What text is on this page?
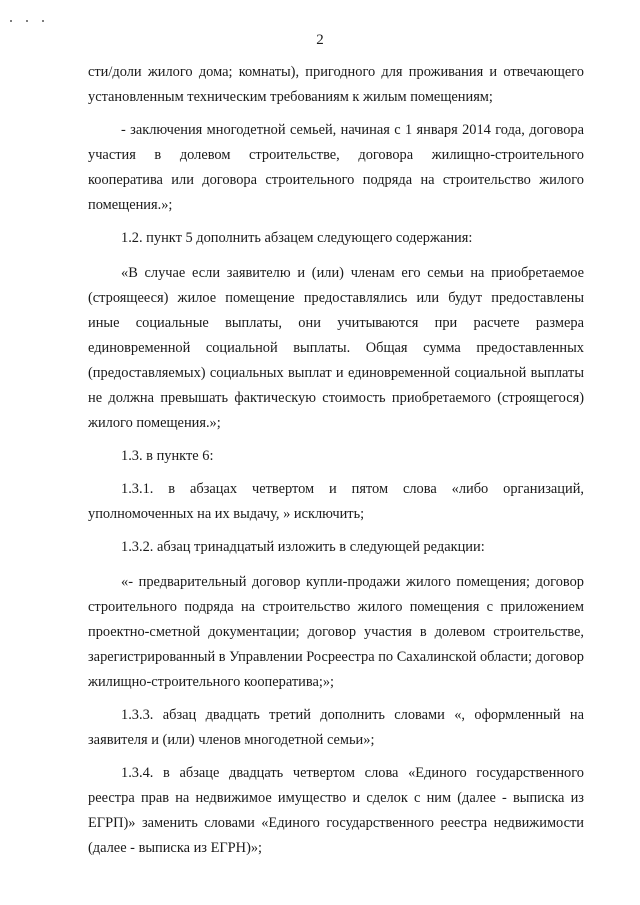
2

сти/доли жилого дома; комнаты), пригодного для проживания и отвечающего установленным техническим требованиям к жилым помещениям;

- заключения многодетной семьей, начиная с 1 января 2014 года, договора участия в долевом строительстве, договора жилищно-строительного кооператива или договора строительного подряда на строительство жилого помещения.»;

1.2. пункт 5 дополнить абзацем следующего содержания:

«В случае если заявителю и (или) членам его семьи на приобретаемое (строящееся) жилое помещение предоставлялись или будут предоставлены иные социальные выплаты, они учитываются при расчете размера единовременной социальной выплаты. Общая сумма предоставленных (предоставляемых) социальных выплат и единовременной социальной выплаты не должна превышать фактическую стоимость приобретаемого (строящегося) жилого помещения.»;

1.3. в пункте 6:

1.3.1. в абзацах четвертом и пятом слова «либо организаций, уполномоченных на их выдачу, » исключить;

1.3.2. абзац тринадцатый изложить в следующей редакции:

«- предварительный договор купли-продажи жилого помещения; договор строительного подряда на строительство жилого помещения с приложением проектно-сметной документации; договор участия в долевом строительстве, зарегистрированный в Управлении Росреестра по Сахалинской области; договор жилищно-строительного кооператива;»;

1.3.3. абзац двадцать третий дополнить словами «, оформленный на заявителя и (или) членов многодетной семьи»;

1.3.4. в абзаце двадцать четвертом слова «Единого государственного реестра прав на недвижимое имущество и сделок с ним (далее - выписка из ЕГРП)» заменить словами «Единого государственного реестра недвижимости (далее - выписка из ЕГРН)»;
